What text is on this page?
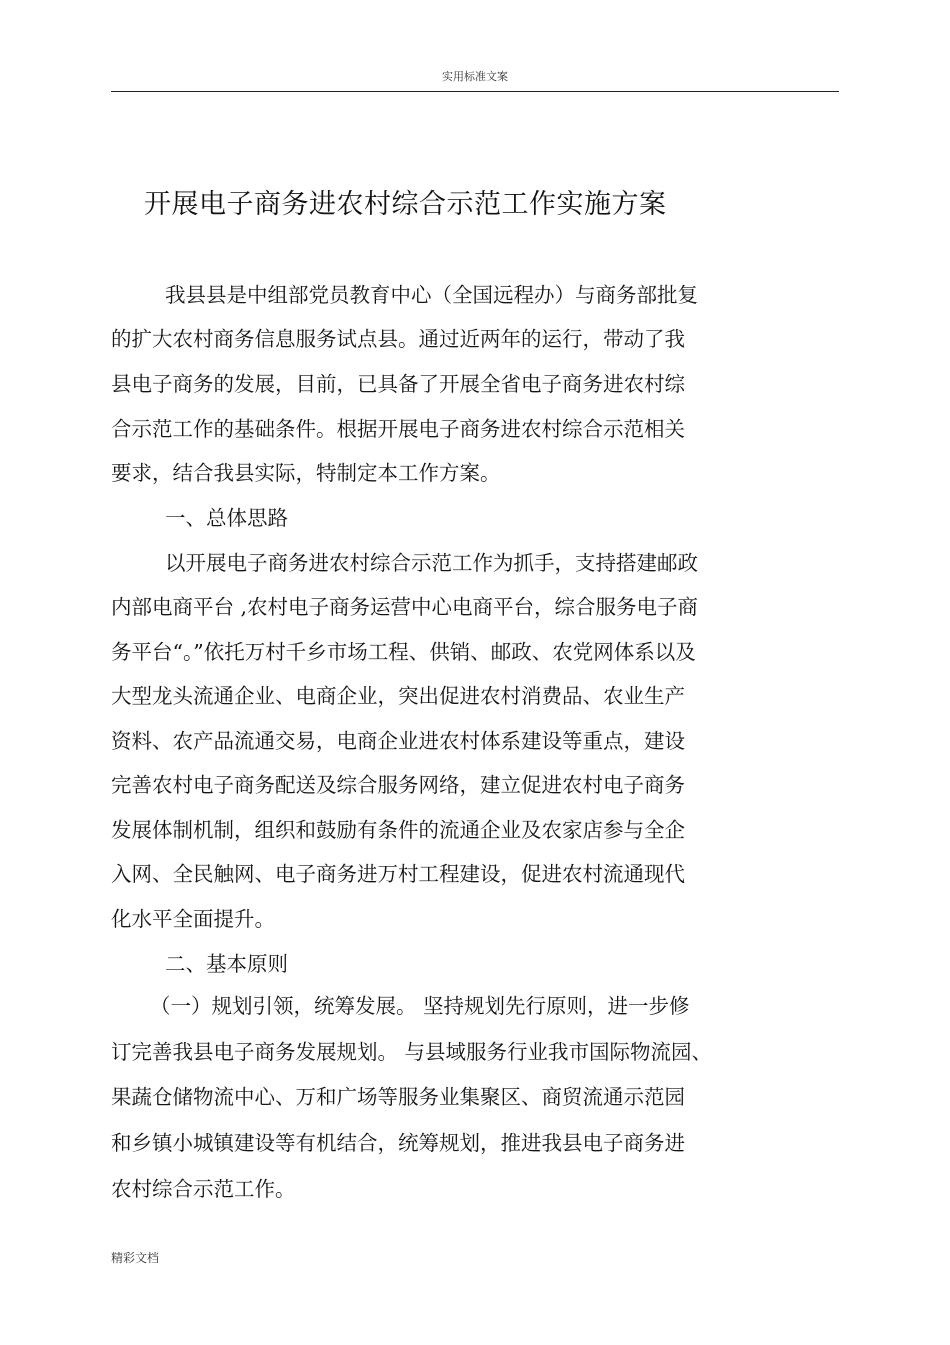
实用标准文案
开展电子商务进农村综合示范工作实施方案
我县县是中组部党员教育中心（全国远程办）与商务部批复
的扩大农村商务信息服务试点县。通过近两年的运行，带动了我
县电子商务的发展，目前，已具备了开展全省电子商务进农村综
合示范工作的基础条件。根据开展电子商务进农村综合示范相关
要求，结合我县实际，特制定本工作方案。
一、总体思路
以开展电子商务进农村综合示范工作为抓手，支持搭建邮政
内部电商平台 ,农村电子商务运营中心电商平台，综合服务电子商
务平台“。”依托万村千乡市场工程、供销、邮政、农党网体系以及
大型龙头流通企业、电商企业，突出促进农村消费品、农业生产
资料、农产品流通交易，电商企业进农村体系建设等重点，建设
完善农村电子商务配送及综合服务网络，建立促进农村电子商务
发展体制机制，组织和鼓励有条件的流通企业及农家店参与全企
入网、全民触网、电子商务进万村工程建设，促进农村流通现代
化水平全面提升。
二、基本原则
（一）规划引领，统筹发展。 坚持规划先行原则，进一步修
订完善我县电子商务发展规划。 与县域服务行业我市国际物流园、
果蔬仓储物流中心、万和广场等服务业集聚区、商贸流通示范园
和乡镇小城镇建设等有机结合，统筹规划，推进我县电子商务进
农村综合示范工作。
精彩文档
